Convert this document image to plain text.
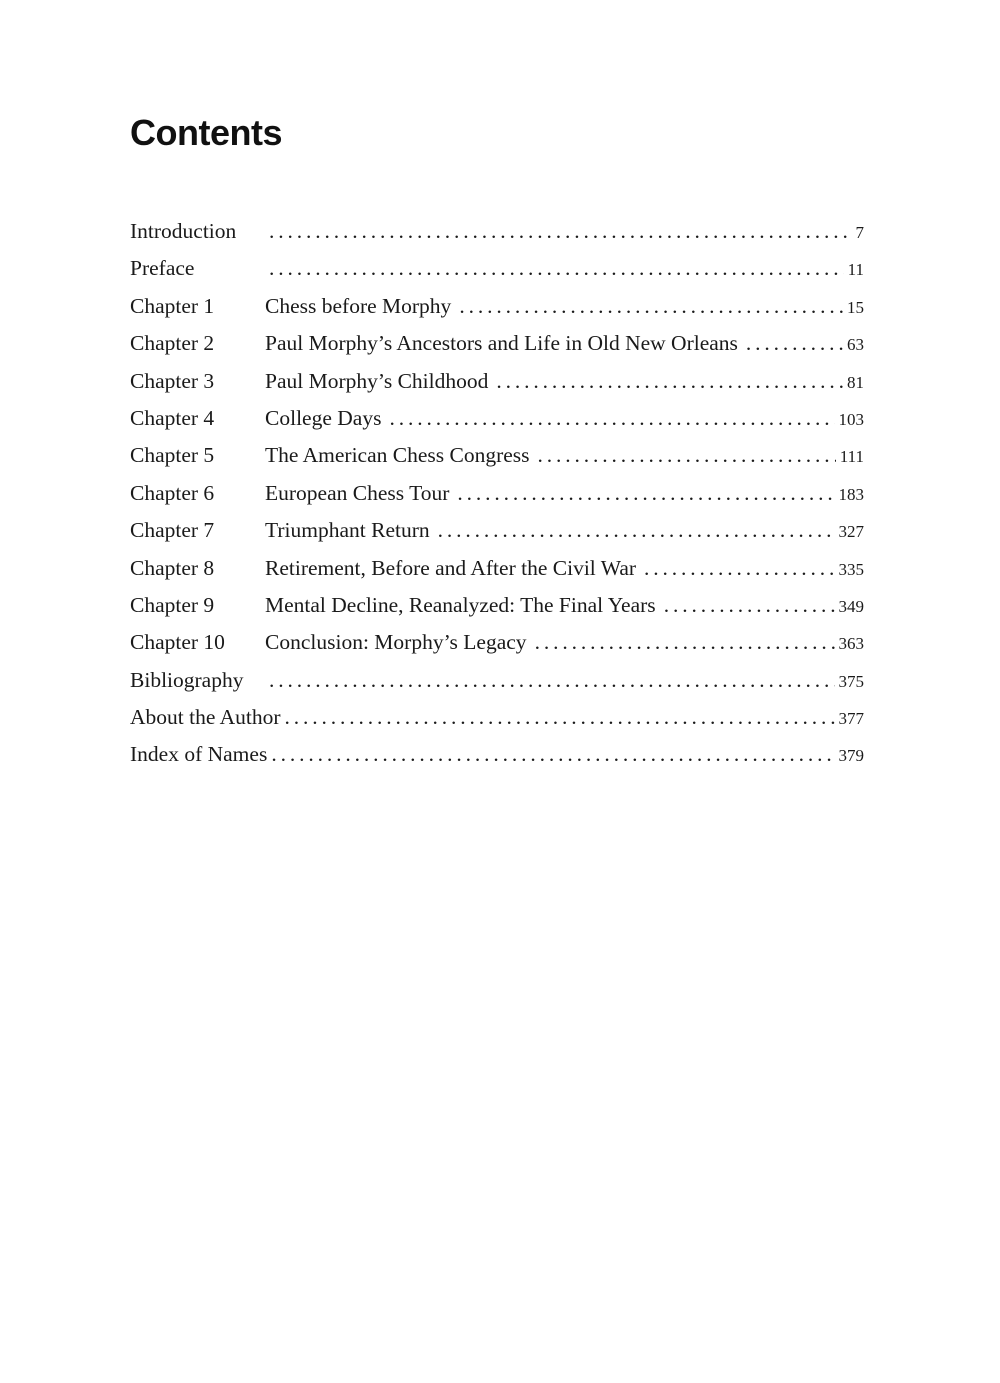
Contents
Introduction . . .	7
Preface . . .	11
Chapter 1	Chess before Morphy . . .	15
Chapter 2	Paul Morphy’s Ancestors and Life in Old New Orleans . . .	63
Chapter 3	Paul Morphy’s Childhood . . .	81
Chapter 4	College Days . . .	103
Chapter 5	The American Chess Congress . . .	111
Chapter 6	European Chess Tour . . .	183
Chapter 7	Triumphant Return . . .	327
Chapter 8	Retirement, Before and After the Civil War . . .	335
Chapter 9	Mental Decline, Reanalyzed: The Final Years . . .	349
Chapter 10	Conclusion: Morphy’s Legacy . . .	363
Bibliography . . .	375
About the Author . . .	377
Index of Names . . .	379
